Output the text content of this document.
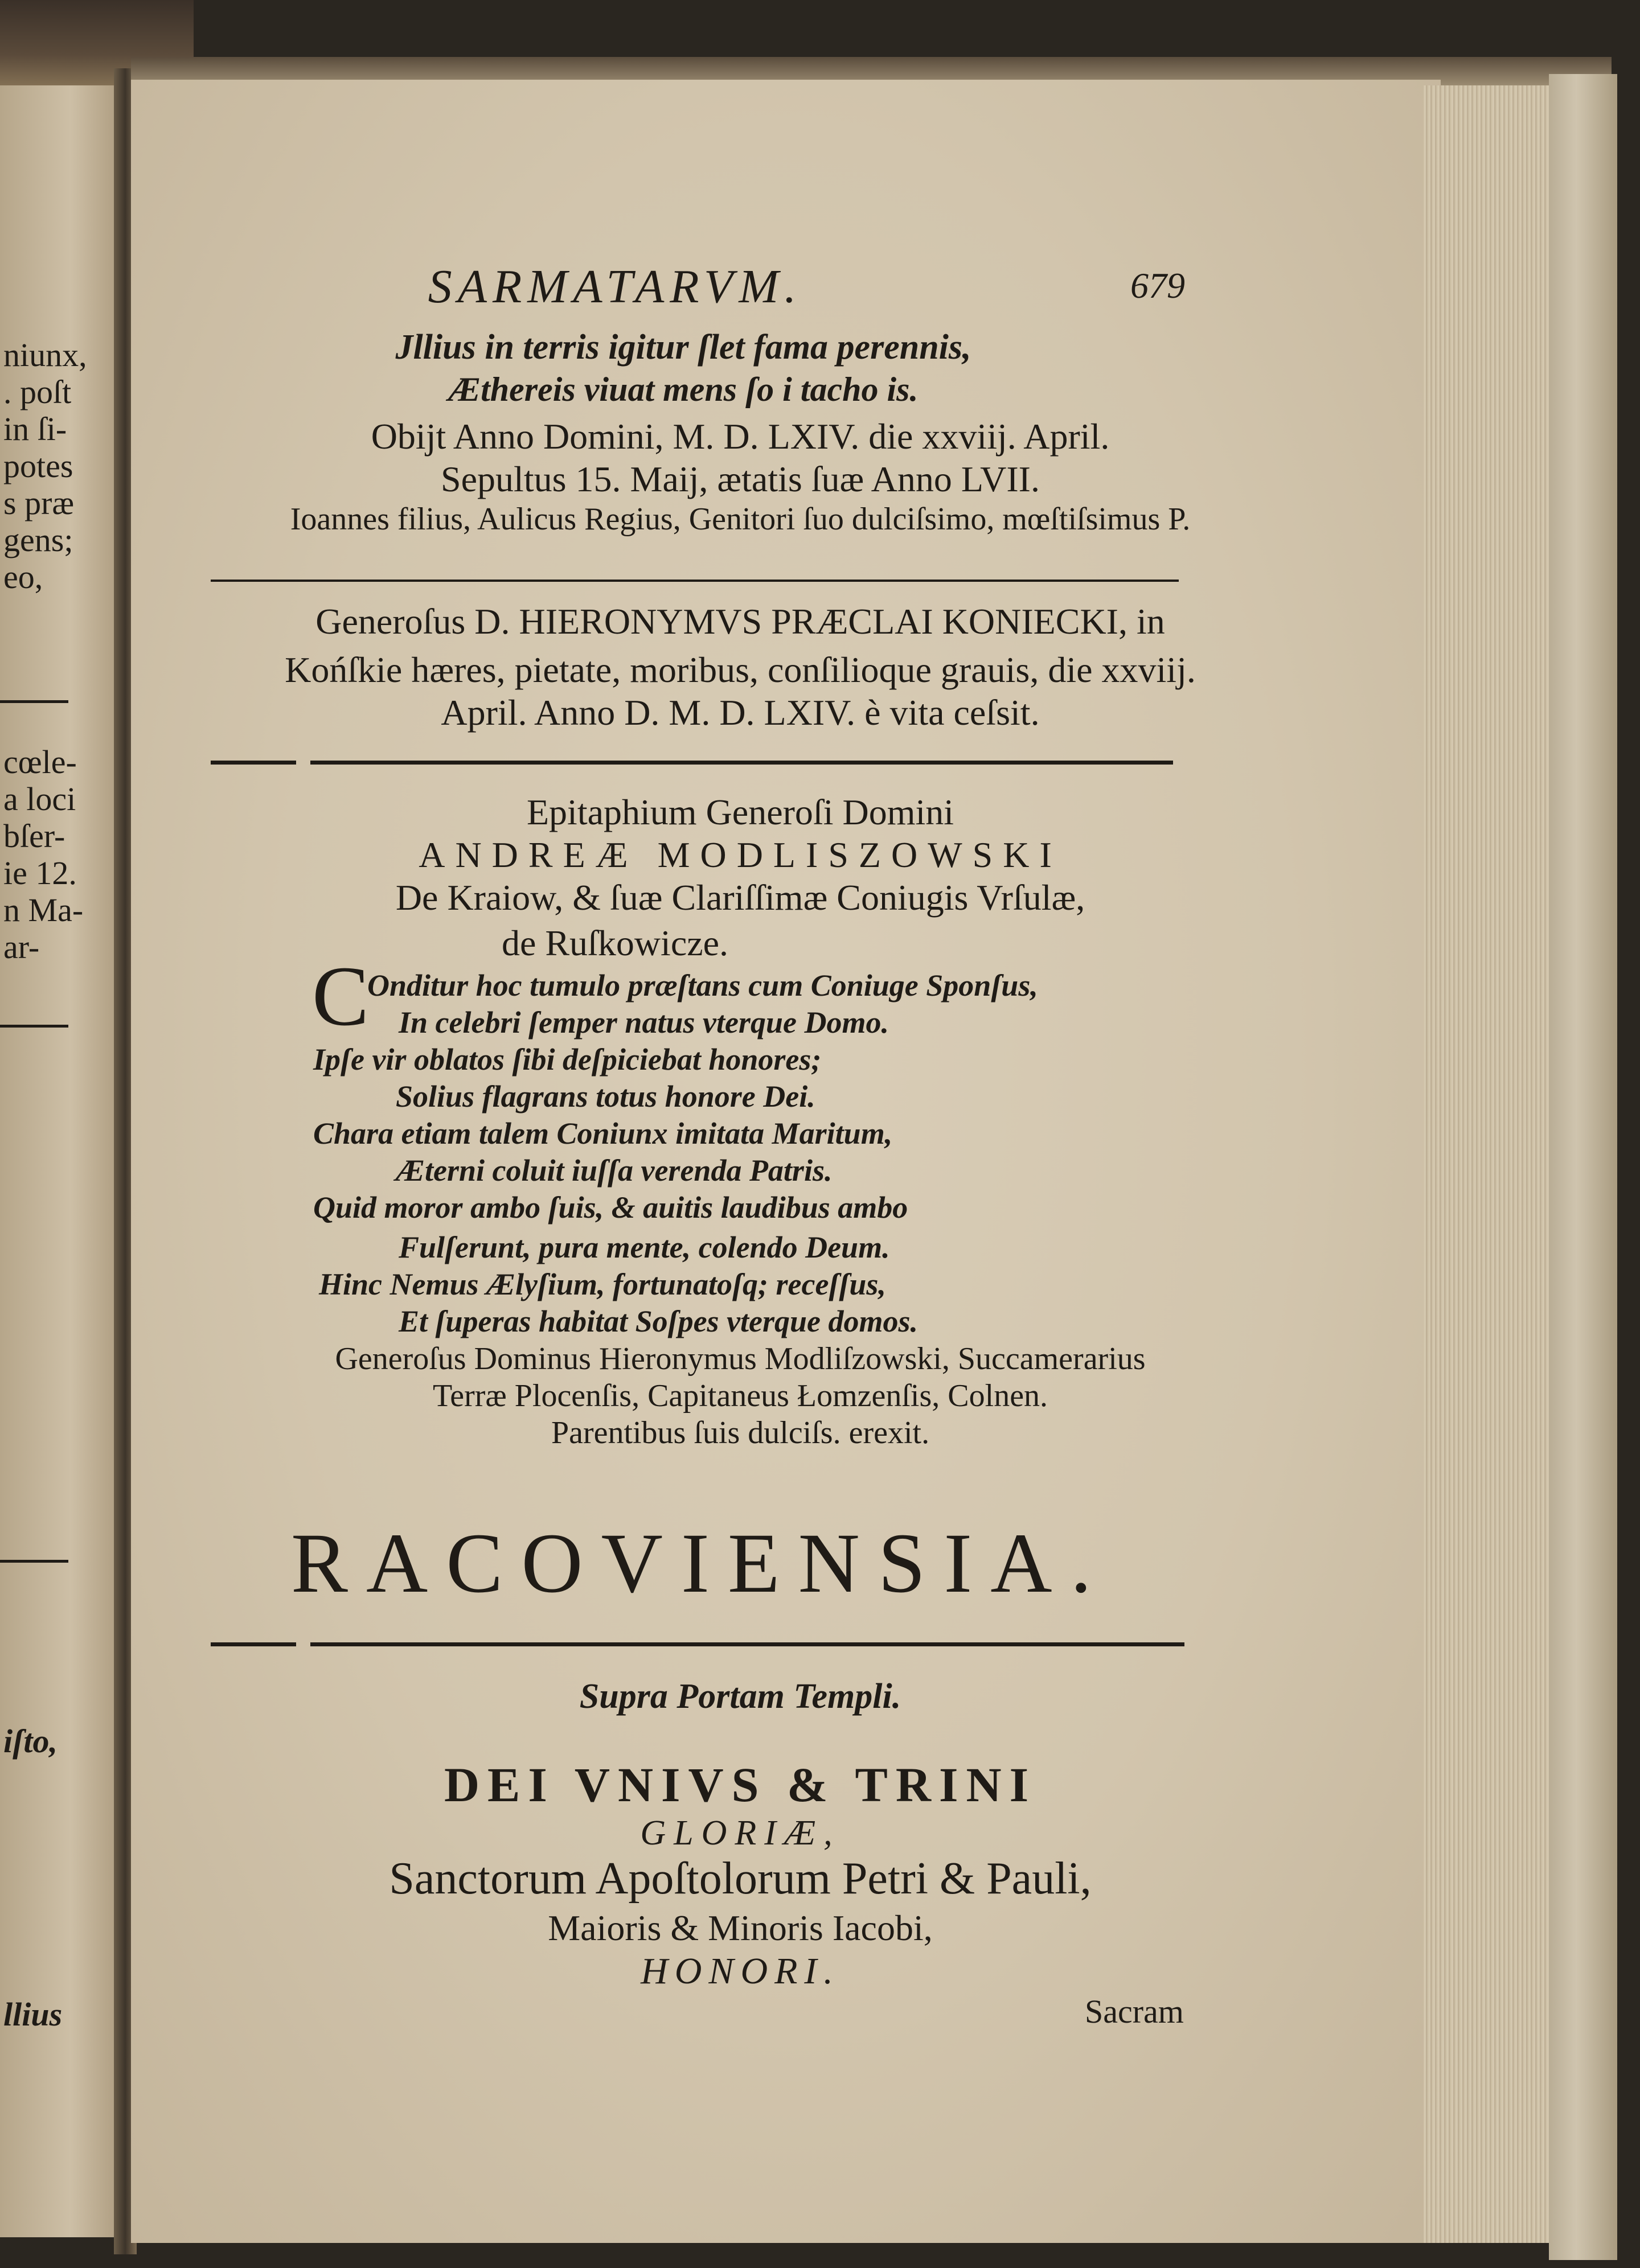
niunx,
. poſt
in ſi-
potes
s præ
gens;
eo,
cœle-
a loci
bſer-
ie 12.
n Ma-
ar-
iſto,
llius
SARMATARVM.	679
Jllius in terris igitur ſlet fama perennis,
Æthereis viuat mens ſo i tacho is.
Obijt Anno Domini, M. D. LXIV. die xxviij. April.
Sepultus 15. Maij, ætatis ſuæ Anno LVII.
Ioannes filius, Aulicus Regius, Genitori ſuo dulciſsimo, mœſtiſsimus P.
Generoſus D. HIERONYMVS PRÆCLAI KONIECKI, in
Końſkie hæres, pietate, moribus, conſilioque grauis, die xxviij.
April. Anno D. M. D. LXIV. è vita ceſsit.
Epitaphium Generoſi Domini
ANDREÆ MODLISZOWSKI
De Kraiow, & ſuæ Clariſſimæ Coniugis Vrſulæ,
de Ruſkowicze.
C
Onditur hoc tumulo præſtans cum Coniuge Sponſus,
In celebri ſemper natus vterque Domo.
Ipſe vir oblatos ſibi deſpiciebat honores;
Solius flagrans totus honore Dei.
Chara etiam talem Coniunx imitata Maritum,
Æterni coluit iuſſa verenda Patris.
Quid moror ambo ſuis, & auitis laudibus ambo
Fulſerunt, pura mente, colendo Deum.
Hinc Nemus Ælyſium, fortunatoſq; receſſus,
Et ſuperas habitat Soſpes vterque domos.
Generoſus Dominus Hieronymus Modliſzowski, Succamerarius
Terræ Plocenſis, Capitaneus Łomzenſis, Colnen.
Parentibus ſuis dulciſs. erexit.
RACOVIENSIA.
Supra Portam Templi.
DEI VNIVS & TRINI
GLORIÆ,
Sanctorum Apoſtolorum Petri & Pauli,
Maioris & Minoris Iacobi,
HONORI.
Sacram
